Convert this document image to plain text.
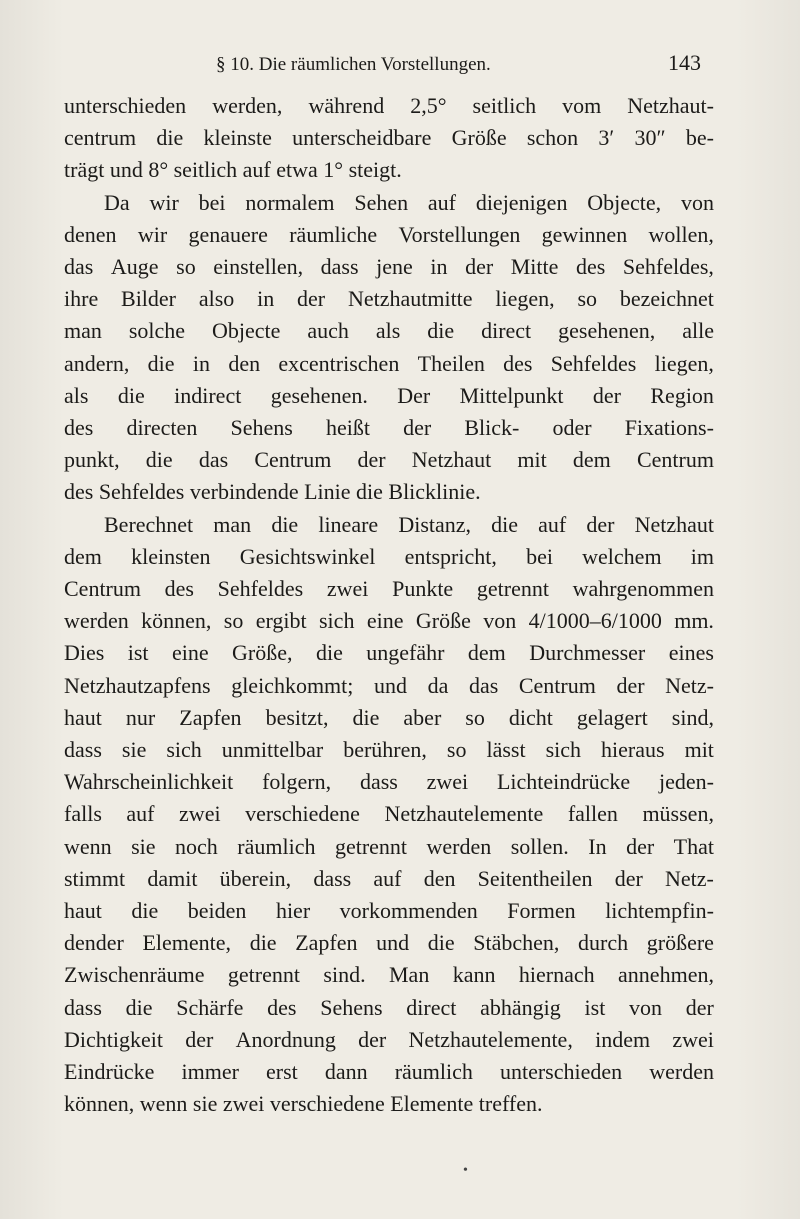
§ 10. Die räumlichen Vorstellungen.	143
unterschieden werden, während 2,5° seitlich vom Netzhaut-
centrum die kleinste unterscheidbare Größe schon 3′ 30″ be-
trägt und 8° seitlich auf etwa 1° steigt.
Da wir bei normalem Sehen auf diejenigen Objecte, von
denen wir genauere räumliche Vorstellungen gewinnen wollen,
das Auge so einstellen, dass jene in der Mitte des Sehfeldes,
ihre Bilder also in der Netzhautmitte liegen, so bezeichnet
man solche Objecte auch als die direct gesehenen, alle
andern, die in den excentrischen Theilen des Sehfeldes liegen,
als die indirect gesehenen. Der Mittelpunkt der Region
des directen Sehens heißt der Blick- oder Fixations-
punkt, die das Centrum der Netzhaut mit dem Centrum
des Sehfeldes verbindende Linie die Blicklinie.
Berechnet man die lineare Distanz, die auf der Netzhaut
dem kleinsten Gesichtswinkel entspricht, bei welchem im
Centrum des Sehfeldes zwei Punkte getrennt wahrgenommen
werden können, so ergibt sich eine Größe von 4/1000–6/1000 mm.
Dies ist eine Größe, die ungefähr dem Durchmesser eines
Netzhautzapfens gleichkommt; und da das Centrum der Netz-
haut nur Zapfen besitzt, die aber so dicht gelagert sind,
dass sie sich unmittelbar berühren, so lässt sich hieraus mit
Wahrscheinlichkeit folgern, dass zwei Lichteindrücke jeden-
falls auf zwei verschiedene Netzhautelemente fallen müssen,
wenn sie noch räumlich getrennt werden sollen. In der That
stimmt damit überein, dass auf den Seitentheilen der Netz-
haut die beiden hier vorkommenden Formen lichtempfin-
dender Elemente, die Zapfen und die Stäbchen, durch größere
Zwischenräume getrennt sind. Man kann hiernach annehmen,
dass die Schärfe des Sehens direct abhängig ist von der
Dichtigkeit der Anordnung der Netzhautelemente, indem zwei
Eindrücke immer erst dann räumlich unterschieden werden
können, wenn sie zwei verschiedene Elemente treffen.
•
